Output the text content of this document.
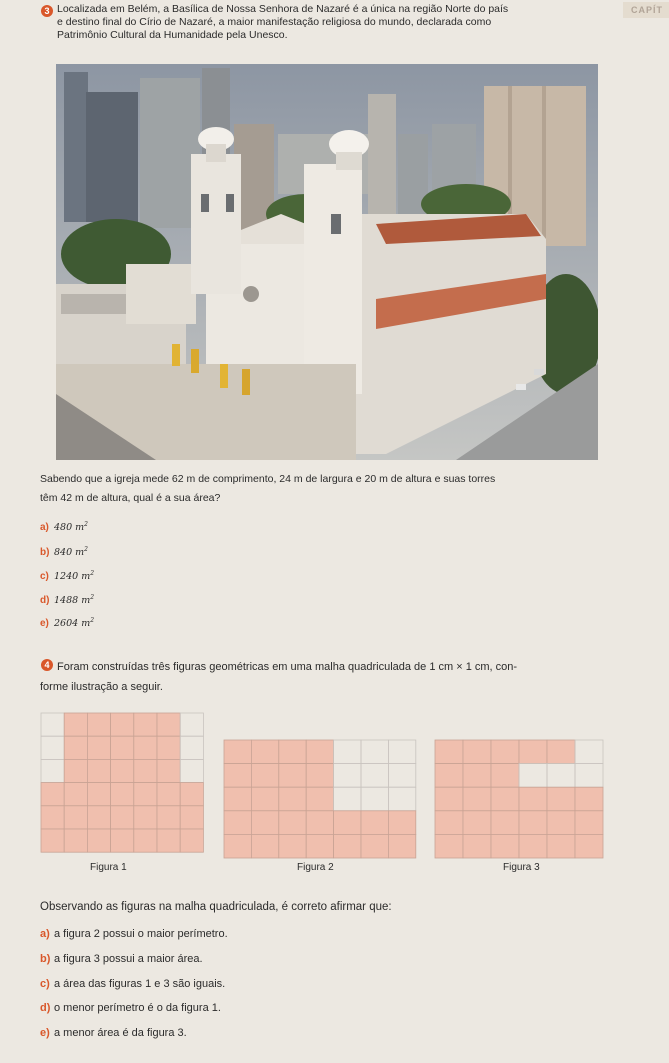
CAPÍT
3 Localizada em Belém, a Basílica de Nossa Senhora de Nazaré é a única na região Norte do país
e destino final do Círio de Nazaré, a maior manifestação religiosa do mundo, declarada como
Patrimônio Cultural da Humanidade pela Unesco.
Sabendo que a igreja mede 62 m de comprimento, 24 m de largura e 20 m de altura e suas torres
têm 42 m de altura, qual é a sua área?
a) 480 $m^2$
b) 840 $m^2$
c) 1240 $m^2$
d) 1488 $m^2$
e) 2604 $m^2$
4 Foram construídas três figuras geométricas em uma malha quadriculada de 1 cm × 1 cm, con-
forme ilustração a seguir.
Figura 1	Figura 2	Figura 3
Observando as figuras na malha quadriculada, é correto afirmar que:
a) a figura 2 possui o maior perímetro.
b) a figura 3 possui a maior área.
c) a área das figuras 1 e 3 são iguais.
d) o menor perímetro é o da figura 1.
e) a menor área é da figura 3.
